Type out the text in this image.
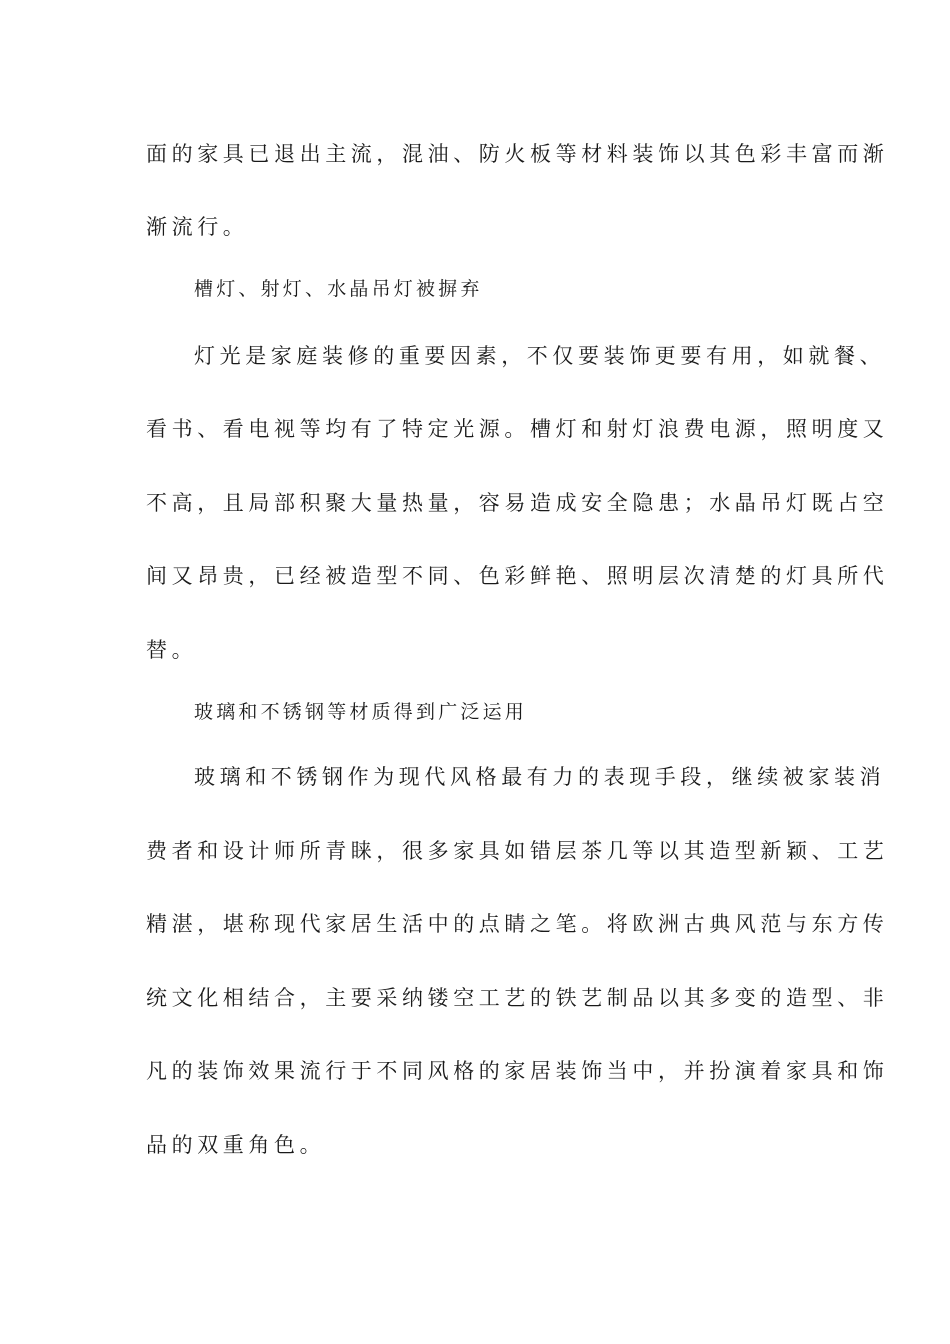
面的家具已退出主流，混油、防火板等材料装饰以其色彩丰富而渐
渐流行。
槽灯、射灯、水晶吊灯被摒弃
灯光是家庭装修的重要因素，不仅要装饰更要有用，如就餐、
看书、看电视等均有了特定光源。槽灯和射灯浪费电源，照明度又
不高，且局部积聚大量热量，容易造成安全隐患；水晶吊灯既占空
间又昂贵，已经被造型不同、色彩鲜艳、照明层次清楚的灯具所代
替。
玻璃和不锈钢等材质得到广泛运用
玻璃和不锈钢作为现代风格最有力的表现手段，继续被家装消
费者和设计师所青睐，很多家具如错层茶几等以其造型新颖、工艺
精湛，堪称现代家居生活中的点睛之笔。将欧洲古典风范与东方传
统文化相结合，主要采纳镂空工艺的铁艺制品以其多变的造型、非
凡的装饰效果流行于不同风格的家居装饰当中，并扮演着家具和饰
品的双重角色。
